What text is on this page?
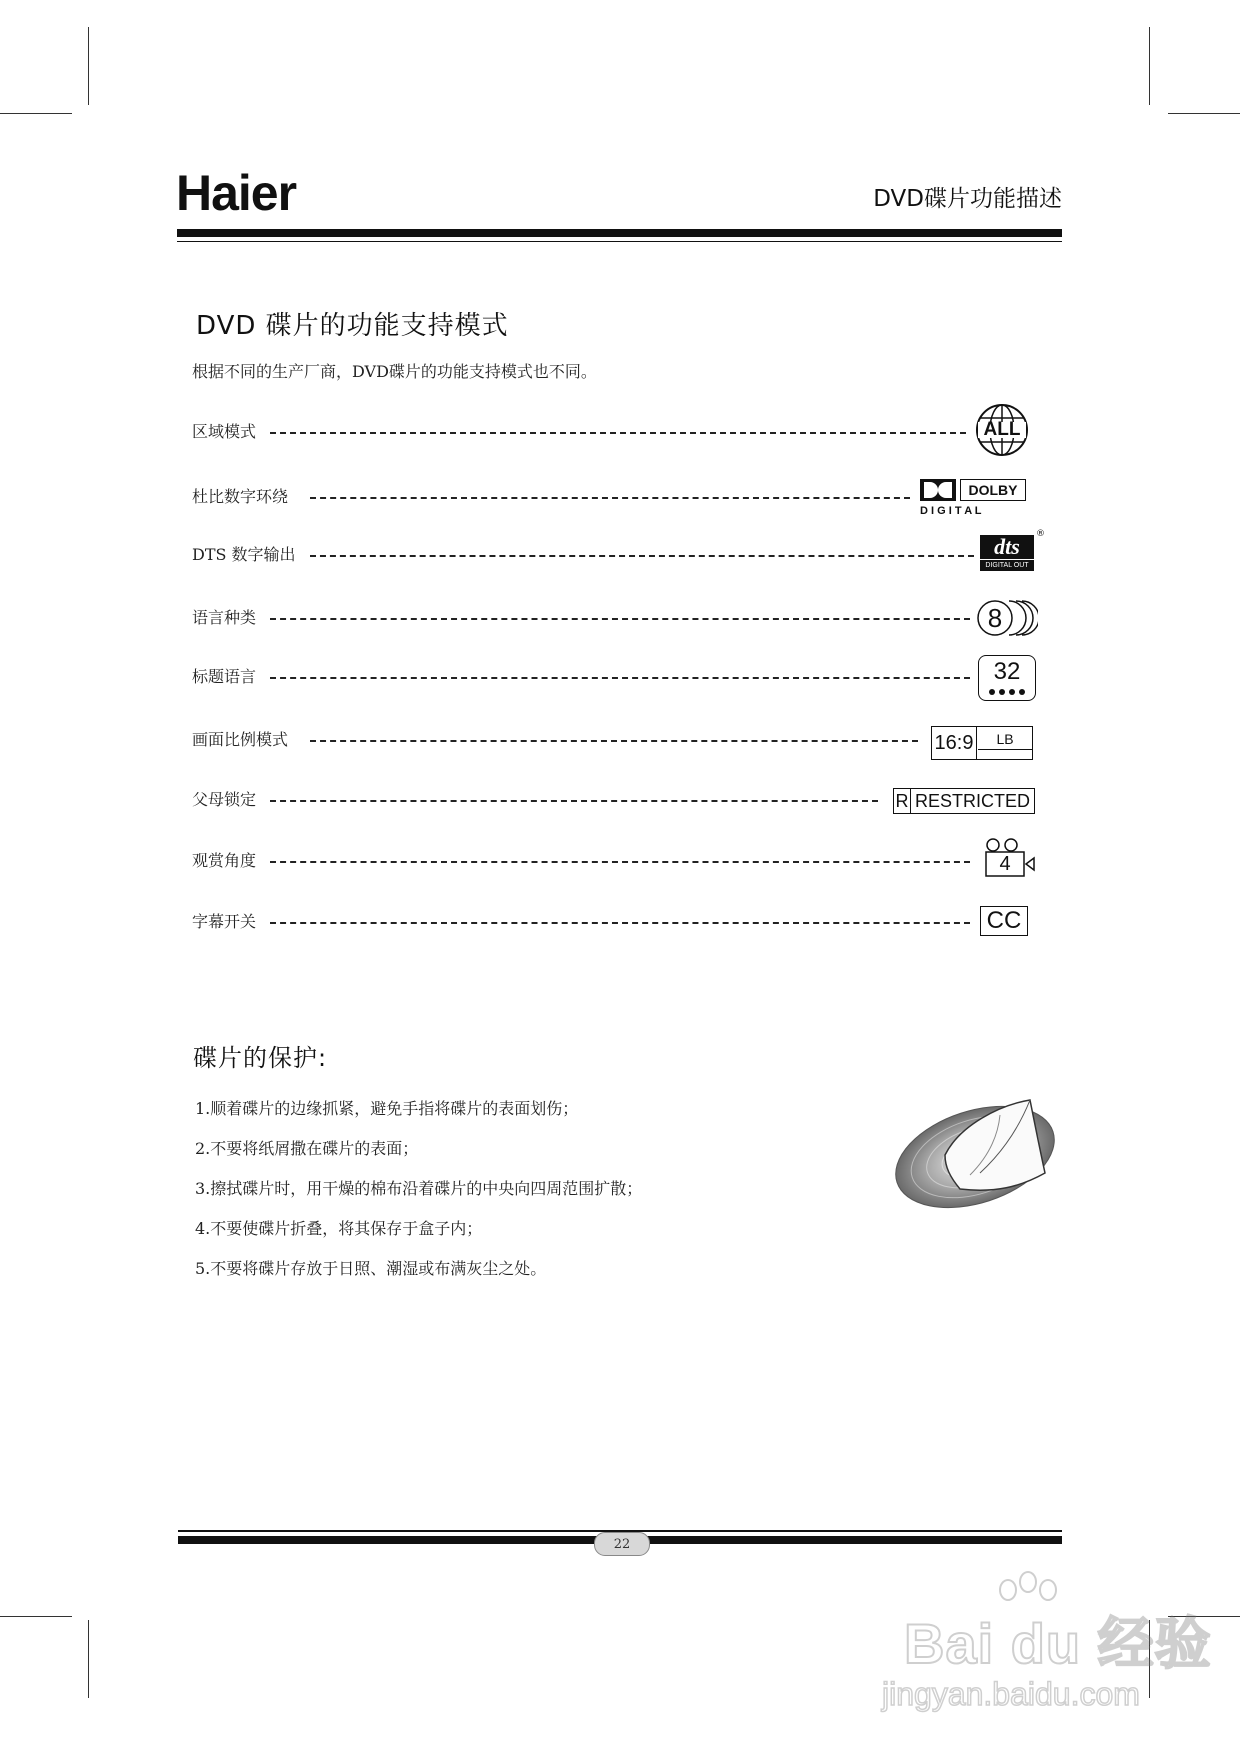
Haier	DVD碟片功能描述
DVD 碟片的功能支持模式
根据不同的生产厂商，DVD碟片的功能支持模式也不同。
区域模式	ALL
杜比数字环绕	DOLBY
D I G I T A L
DTS 数字输出	dts
DIGITAL OUT
®
语言种类	8
标题语言	32
画面比例模式	16:9	LB
父母锁定	R RESTRICTED
观赏角度	4
字幕开关	CC
碟片的保护:
1.顺着碟片的边缘抓紧，避免手指将碟片的表面划伤；
2.不要将纸屑撒在碟片的表面；
3.擦拭碟片时，用干燥的棉布沿着碟片的中央向四周范围扩散；
4.不要使碟片折叠，将其保存于盒子内；
5.不要将碟片存放于日照、潮湿或布满灰尘之处。
22
Bai du 经验
jingyan.baidu.com
